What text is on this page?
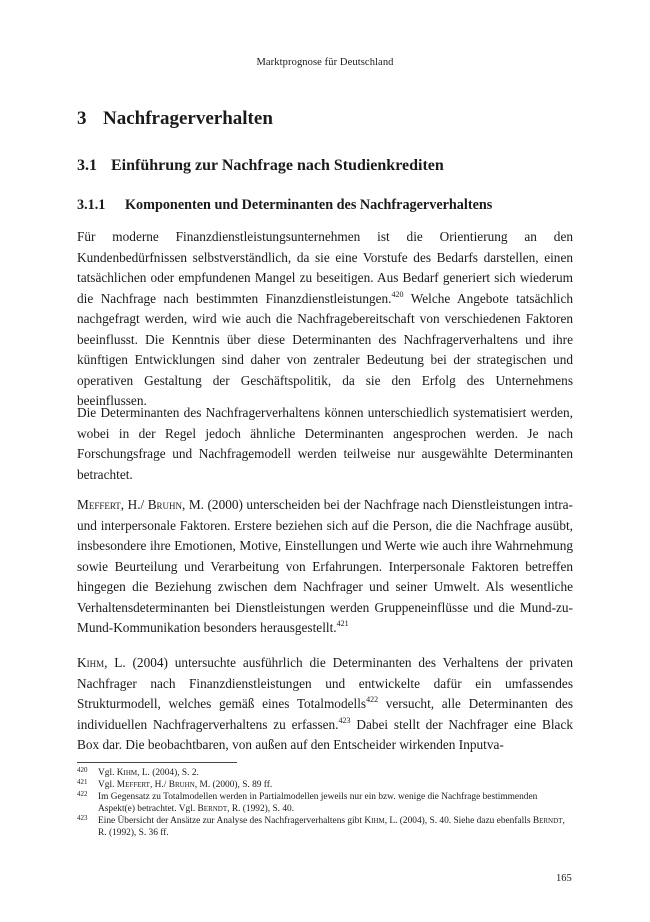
Marktprognose für Deutschland
3 Nachfragerverhalten
3.1 Einführung zur Nachfrage nach Studienkrediten
3.1.1 Komponenten und Determinanten des Nachfragerverhaltens

Für moderne Finanzdienstleistungsunternehmen ist die Orientierung an den Kundenbedürfnissen selbstverständlich, da sie eine Vorstufe des Bedarfs darstellen, einen tatsächlichen oder empfundenen Mangel zu beseitigen. Aus Bedarf generiert sich wiederum die Nachfrage nach bestimmten Finanzdienstleistungen.$^{420}$ Welche Angebote tatsächlich nachgefragt werden, wird wie auch die Nachfragebereitschaft von verschiedenen Faktoren beeinflusst. Die Kenntnis über diese Determinanten des Nachfragerverhaltens und ihre künftigen Entwicklungen sind daher von zentraler Bedeutung bei der strategischen und operativen Gestaltung der Geschäftspolitik, da sie den Erfolg des Unternehmens beeinflussen.

Die Determinanten des Nachfragerverhaltens können unterschiedlich systematisiert werden, wobei in der Regel jedoch ähnliche Determinanten angesprochen werden. Je nach Forschungsfrage und Nachfragemodell werden teilweise nur ausgewählte Determinanten betrachtet.

Meffert, H./ Bruhn, M. (2000) unterscheiden bei der Nachfrage nach Dienstleistungen intra- und interpersonale Faktoren. Erstere beziehen sich auf die Person, die die Nachfrage ausübt, insbesondere ihre Emotionen, Motive, Einstellungen und Werte wie auch ihre Wahrnehmung sowie Beurteilung und Verarbeitung von Erfahrungen. Interpersonale Faktoren betreffen hingegen die Beziehung zwischen dem Nachfrager und seiner Umwelt. Als wesentliche Verhaltensdeterminanten bei Dienstleistungen werden Gruppeneinflüsse und die Mund-zu-Mund-Kommunikation besonders herausgestellt.$^{421}$

Kihm, L. (2004) untersuchte ausführlich die Determinanten des Verhaltens der privaten Nachfrager nach Finanzdienstleistungen und entwickelte dafür ein umfassendes Strukturmodell, welches gemäß eines Totalmodells$^{422}$ versucht, alle Determinanten des individuellen Nachfragerverhaltens zu erfassen.$^{423}$ Dabei stellt der Nachfrager eine Black Box dar. Die beobachtbaren, von außen auf den Entscheider wirkenden Inputva-

420 Vgl. Kihm, L. (2004), S. 2.
421 Vgl. Meffert, H./ Bruhn, M. (2000), S. 89 ff.
422 Im Gegensatz zu Totalmodellen werden in Partialmodellen jeweils nur ein bzw. wenige die Nachfrage bestimmenden Aspekt(e) betrachtet. Vgl. Berndt, R. (1992), S. 40.
423 Eine Übersicht der Ansätze zur Analyse des Nachfragerverhaltens gibt Kihm, L. (2004), S. 40. Siehe dazu ebenfalls Berndt, R. (1992), S. 36 ff.
165
